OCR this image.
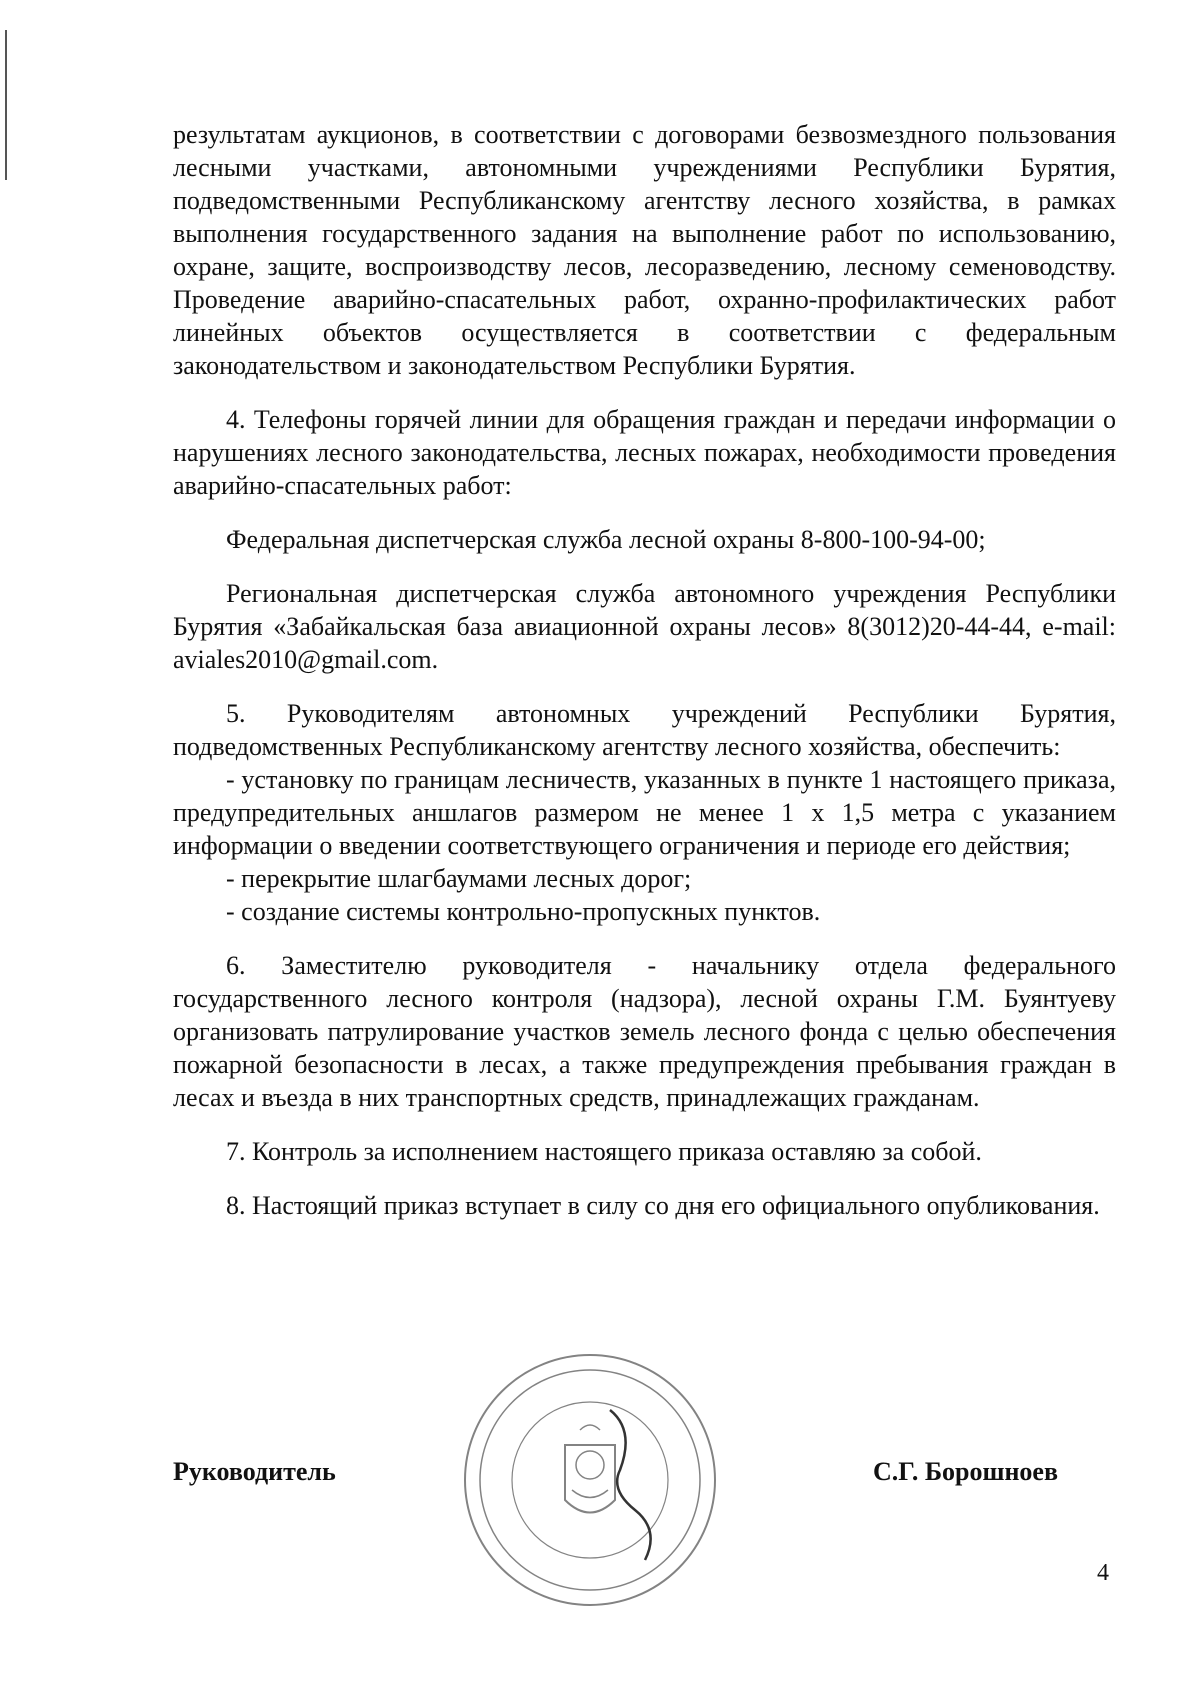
результатам аукционов, в соответствии с договорами безвозмездного пользования лесными участками, автономными учреждениями Республики Бурятия, подведомственными Республиканскому агентству лесного хозяйства, в рамках выполнения государственного задания на выполнение работ по использованию, охране, защите, воспроизводству лесов, лесоразведению, лесному семеноводству. Проведение аварийно-спасательных работ, охранно-профилактических работ линейных объектов осуществляется в соответствии с федеральным законодательством и законодательством Республики Бурятия.

4. Телефоны горячей линии для обращения граждан и передачи информации о нарушениях лесного законодательства, лесных пожарах, необходимости проведения аварийно-спасательных работ:

Федеральная диспетчерская служба лесной охраны 8-800-100-94-00;

Региональная диспетчерская служба автономного учреждения Республики Бурятия «Забайкальская база авиационной охраны лесов» 8(3012)20-44-44, e-mail: aviales2010@gmail.com.

5. Руководителям автономных учреждений Республики Бурятия, подведомственных Республиканскому агентству лесного хозяйства, обеспечить:

- установку по границам лесничеств, указанных в пункте 1 настоящего приказа, предупредительных аншлагов размером не менее 1 х 1,5 метра с указанием информации о введении соответствующего ограничения и периоде его действия;

- перекрытие шлагбаумами лесных дорог;

- создание системы контрольно-пропускных пунктов.

6. Заместителю руководителя - начальнику отдела федерального государственного лесного контроля (надзора), лесной охраны Г.М. Буянтуеву организовать патрулирование участков земель лесного фонда с целью обеспечения пожарной безопасности в лесах, а также предупреждения пребывания граждан в лесах и въезда в них транспортных средств, принадлежащих гражданам.

7. Контроль за исполнением настоящего приказа оставляю за собой.

8. Настоящий приказ вступает в силу со дня его официального опубликования.

Руководитель	С.Г. Борошноев
4
